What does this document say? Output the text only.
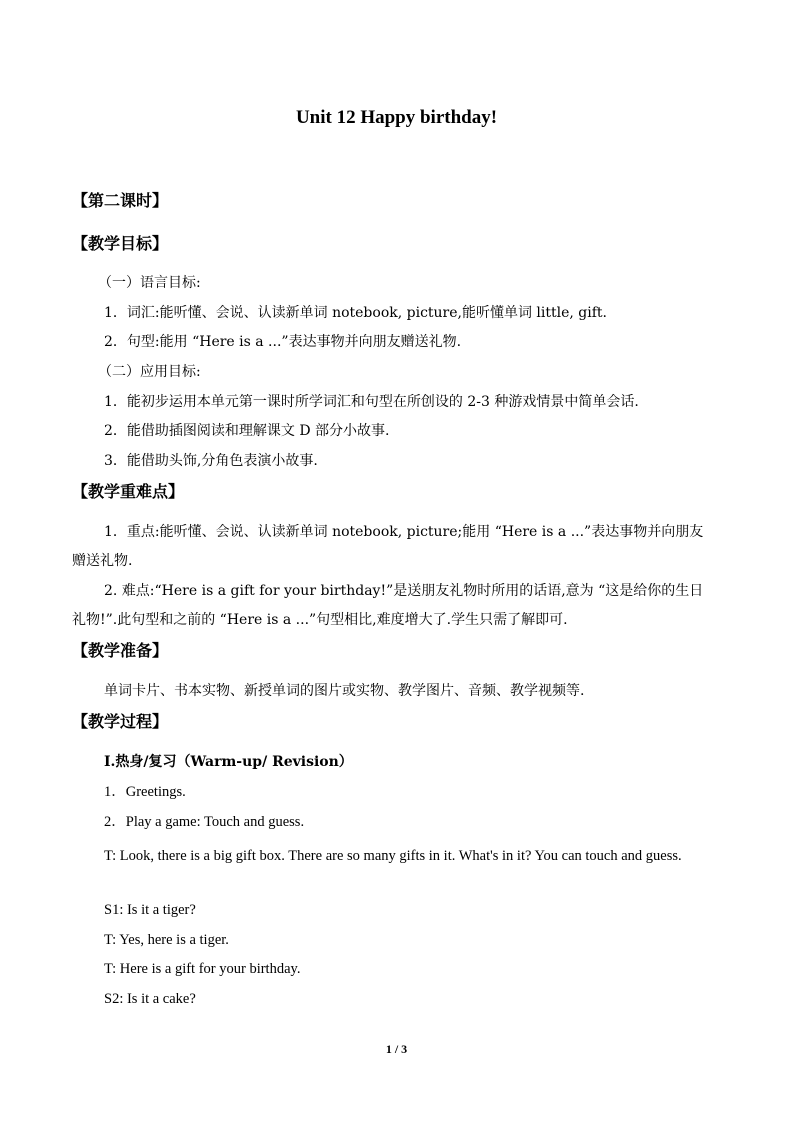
Unit 12 Happy birthday!
【第二课时】
【教学目标】
（一）语言目标:
1．词汇:能听懂、会说、认读新单词 notebook, picture,能听懂单词 little, gift.
2．句型:能用 “Here is a ...”表达事物并向朋友赠送礼物.
（二）应用目标:
1．能初步运用本单元第一课时所学词汇和句型在所创设的 2-3 种游戏情景中简单会话.
2．能借助插图阅读和理解课文 D 部分小故事.
3．能借助头饰,分角色表演小故事.
【教学重难点】
1．重点:能听懂、会说、认读新单词 notebook, picture;能用 “Here is a ...”表达事物并向朋友
赠送礼物.
2. 难点:“Here is a gift for your birthday!”是送朋友礼物时所用的话语,意为 “这是给你的生日
礼物!”.此句型和之前的 “Here is a ...”句型相比,难度增大了.学生只需了解即可.
【教学准备】
单词卡片、书本实物、新授单词的图片或实物、教学图片、音频、教学视频等.
【教学过程】
I.热身/复习（Warm-up/ Revision）
1．Greetings.
2．Play a game: Touch and guess.
T: Look, there is a big gift box. There are so many gifts in it. What's in it? You can touch and guess.
S1: Is it a tiger?
T: Yes, here is a tiger.
T: Here is a gift for your birthday.
S2: Is it a cake?
1 / 3
